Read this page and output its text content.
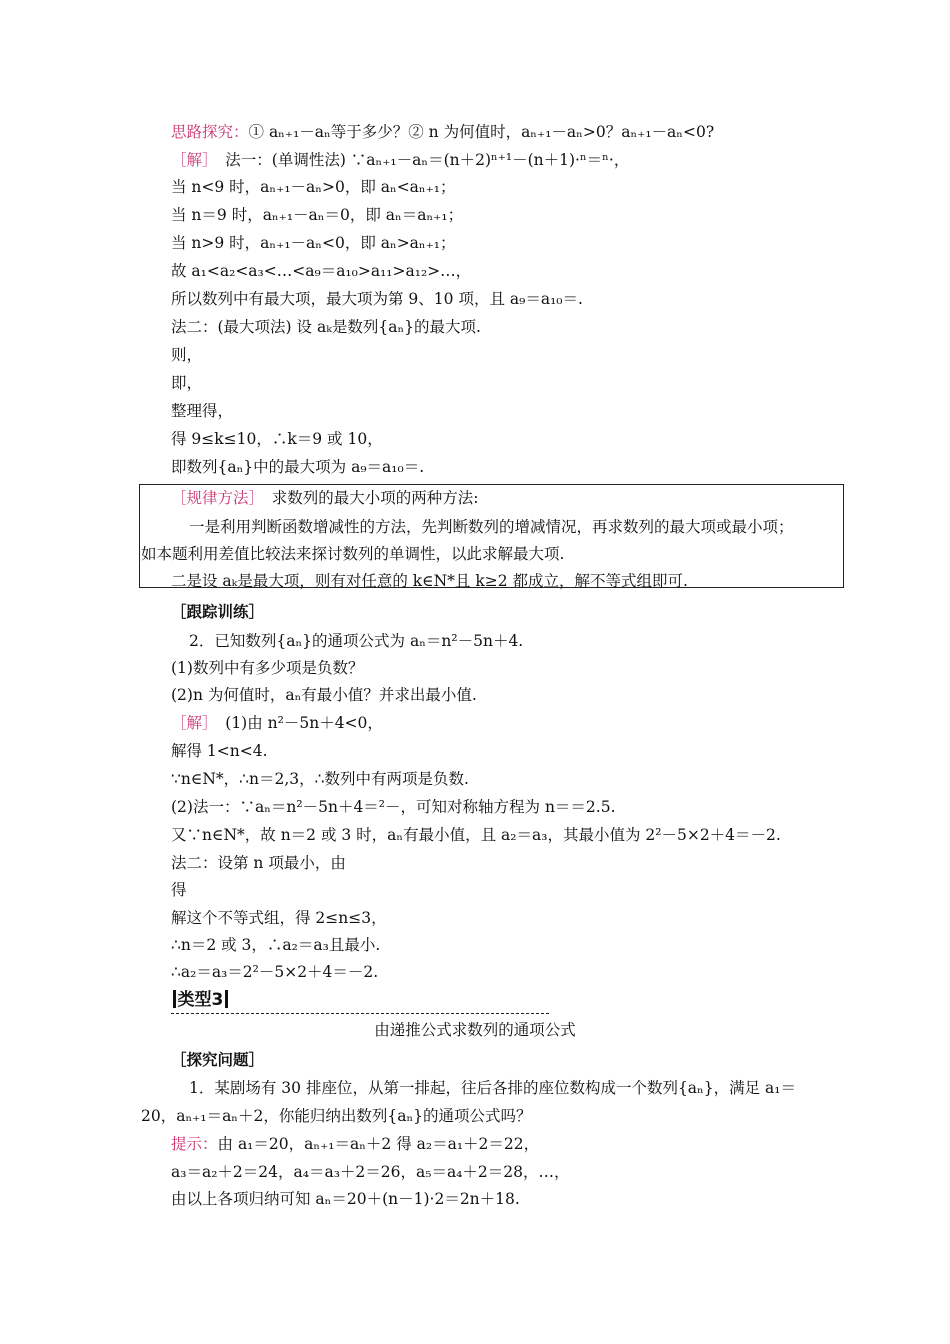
思路探究：① aₙ₊₁－aₙ等于多少？② n 为何值时，aₙ₊₁－aₙ>0？aₙ₊₁－aₙ<0?
［解］　法一：(单调性法) ∵aₙ₊₁－aₙ＝(n＋2)ⁿ⁺¹－(n＋1)·ⁿ＝ⁿ·，
当 n<9 时，aₙ₊₁－aₙ>0，即 aₙ<aₙ₊₁；
当 n＝9 时，aₙ₊₁－aₙ＝0，即 aₙ＝aₙ₊₁；
当 n>9 时，aₙ₊₁－aₙ<0，即 aₙ>aₙ₊₁；
故 a₁<a₂<a₃<…<a₉＝a₁₀>a₁₁>a₁₂>…，
所以数列中有最大项，最大项为第 9、10 项，且 a₉＝a₁₀＝.
法二：(最大项法) 设 aₖ是数列{aₙ}的最大项.
则，
即，
整理得，
得 9≤k≤10，∴k＝9 或 10，
即数列{aₙ}中的最大项为 a₉＝a₁₀＝.
［规律方法］　求数列的最大小项的两种方法:
一是利用判断函数增减性的方法，先判断数列的增减情况，再求数列的最大项或最小项；
如本题利用差值比较法来探讨数列的单调性，以此求解最大项.
二是设 aₖ是最大项，则有对任意的 k∈N*且 k≥2 都成立，解不等式组即可.
［跟踪训练］
2．已知数列{aₙ}的通项公式为 aₙ＝n²－5n＋4.
(1)数列中有多少项是负数？
(2)n 为何值时，aₙ有最小值？并求出最小值.
［解］　(1)由 n²－5n＋4<0，
解得 1<n<4.
∵n∈N*，∴n＝2,3，∴数列中有两项是负数.
(2)法一：∵aₙ＝n²－5n＋4＝²－，可知对称轴方程为 n＝＝2.5.
又∵n∈N*，故 n＝2 或 3 时，aₙ有最小值，且 a₂＝a₃，其最小值为 2²－5×2＋4＝－2.
法二：设第 n 项最小，由
得
解这个不等式组，得 2≤n≤3，
∴n＝2 或 3，∴a₂＝a₃且最小.
∴a₂＝a₃＝2²－5×2＋4＝－2.
类型3
由递推公式求数列的通项公式
［探究问题］
1．某剧场有 30 排座位，从第一排起，往后各排的座位数构成一个数列{aₙ}，满足 a₁＝
20，aₙ₊₁＝aₙ＋2，你能归纳出数列{aₙ}的通项公式吗？
提示：由 a₁＝20，aₙ₊₁＝aₙ＋2 得 a₂＝a₁＋2＝22，
a₃＝a₂＋2＝24，a₄＝a₃＋2＝26，a₅＝a₄＋2＝28，…，
由以上各项归纳可知 aₙ＝20＋(n－1)·2＝2n＋18.
